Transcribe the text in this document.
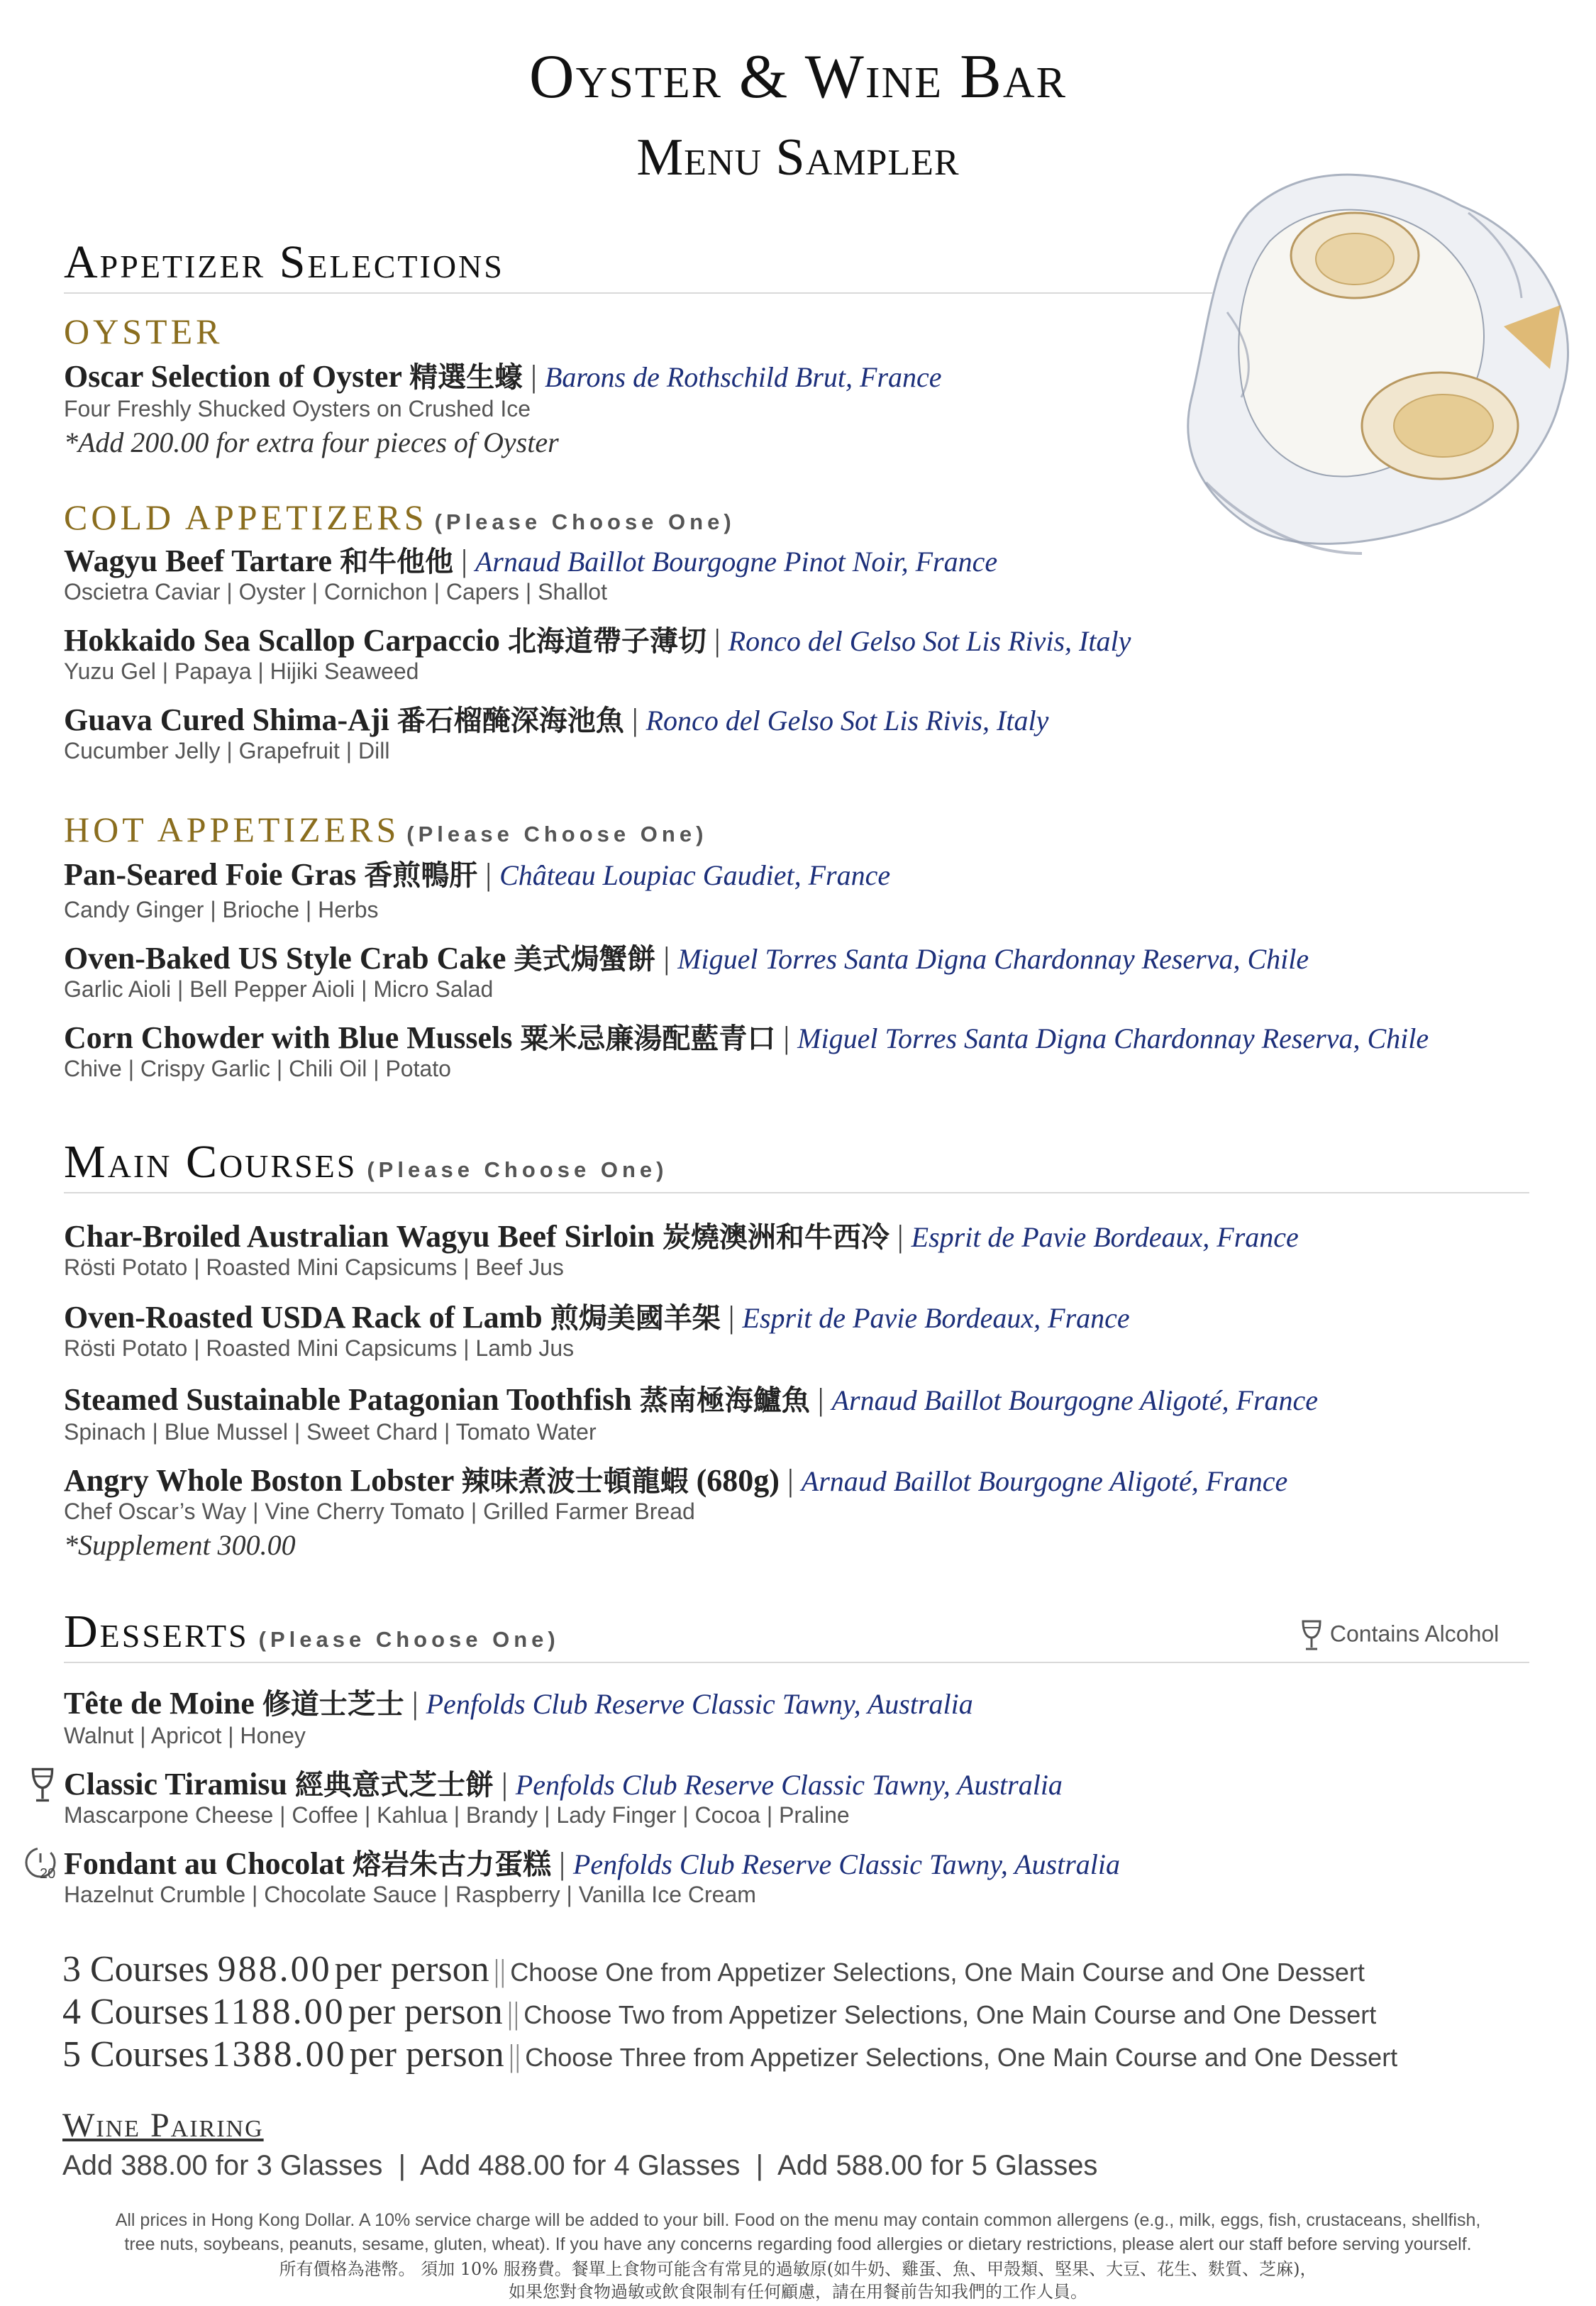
Oyster & Wine Bar
Menu Sampler
Appetizer Selections
OYSTER
Oscar Selection of Oyster 精選生蠔 | Barons de Rothschild Brut, France
Four Freshly Shucked Oysters on Crushed Ice
*Add 200.00 for extra four pieces of Oyster
COLD APPETIZERS (Please Choose One)
Wagyu Beef Tartare 和牛他他 | Arnaud Baillot Bourgogne Pinot Noir, France
Oscietra Caviar | Oyster | Cornichon | Capers | Shallot
Hokkaido Sea Scallop Carpaccio 北海道帶子薄切 | Ronco del Gelso Sot Lis Rivis, Italy
Yuzu Gel | Papaya | Hijiki Seaweed
Guava Cured Shima-Aji 番石榴醃深海池魚 | Ronco del Gelso Sot Lis Rivis, Italy
Cucumber Jelly | Grapefruit | Dill
HOT APPETIZERS (Please Choose One)
Pan-Seared Foie Gras 香煎鴨肝 | Château Loupiac Gaudiet, France
Candy Ginger | Brioche | Herbs
Oven-Baked US Style Crab Cake 美式焗蟹餅 | Miguel Torres Santa Digna Chardonnay Reserva, Chile
Garlic Aioli | Bell Pepper Aioli | Micro Salad
Corn Chowder with Blue Mussels 粟米忌廉湯配藍青口 | Miguel Torres Santa Digna Chardonnay Reserva, Chile
Chive | Crispy Garlic | Chili Oil | Potato
Main Courses (Please Choose One)
Char-Broiled Australian Wagyu Beef Sirloin 炭燒澳洲和牛西冷 | Esprit de Pavie Bordeaux, France
Rösti Potato | Roasted Mini Capsicums | Beef Jus
Oven-Roasted USDA Rack of Lamb 煎焗美國羊架 | Esprit de Pavie Bordeaux, France
Rösti Potato | Roasted Mini Capsicums | Lamb Jus
Steamed Sustainable Patagonian Toothfish 蒸南極海鱸魚 | Arnaud Baillot Bourgogne Aligoté, France
Spinach | Blue Mussel | Sweet Chard | Tomato Water
Angry Whole Boston Lobster 辣味煮波士頓龍蝦 (680g) | Arnaud Baillot Bourgogne Aligoté, France
Chef Oscar’s Way | Vine Cherry Tomato | Grilled Farmer Bread
*Supplement 300.00
Desserts (Please Choose One)	Contains Alcohol
Tête de Moine 修道士芝士 | Penfolds Club Reserve Classic Tawny, Australia
Walnut | Apricot | Honey
Classic Tiramisu 經典意式芝士餅 | Penfolds Club Reserve Classic Tawny, Australia
Mascarpone Cheese | Coffee | Kahlua | Brandy | Lady Finger | Cocoa | Praline
20 Fondant au Chocolat 熔岩朱古力蛋糕 | Penfolds Club Reserve Classic Tawny, Australia
Hazelnut Crumble | Chocolate Sauce | Raspberry | Vanilla Ice Cream
3 Courses 988.00 per person || Choose One from Appetizer Selections, One Main Course and One Dessert
4 Courses 1188.00 per person || Choose Two from Appetizer Selections, One Main Course and One Dessert
5 Courses 1388.00 per person || Choose Three from Appetizer Selections, One Main Course and One Dessert
Wine Pairing
Add 388.00 for 3 Glasses  |  Add 488.00 for 4 Glasses  |  Add 588.00 for 5 Glasses
All prices in Hong Kong Dollar. A 10% service charge will be added to your bill. Food on the menu may contain common allergens (e.g., milk, eggs, fish, crustaceans, shellfish,
tree nuts, soybeans, peanuts, sesame, gluten, wheat). If you have any concerns regarding food allergies or dietary restrictions, please alert our staff before serving yourself.
所有價格為港幣。 須加 10% 服務費。餐單上食物可能含有常見的過敏原(如牛奶、雞蛋、魚、甲殼類、堅果、大豆、花生、麩質、芝麻)，
如果您對食物過敏或飲食限制有任何顧慮，請在用餐前告知我們的工作人員。
